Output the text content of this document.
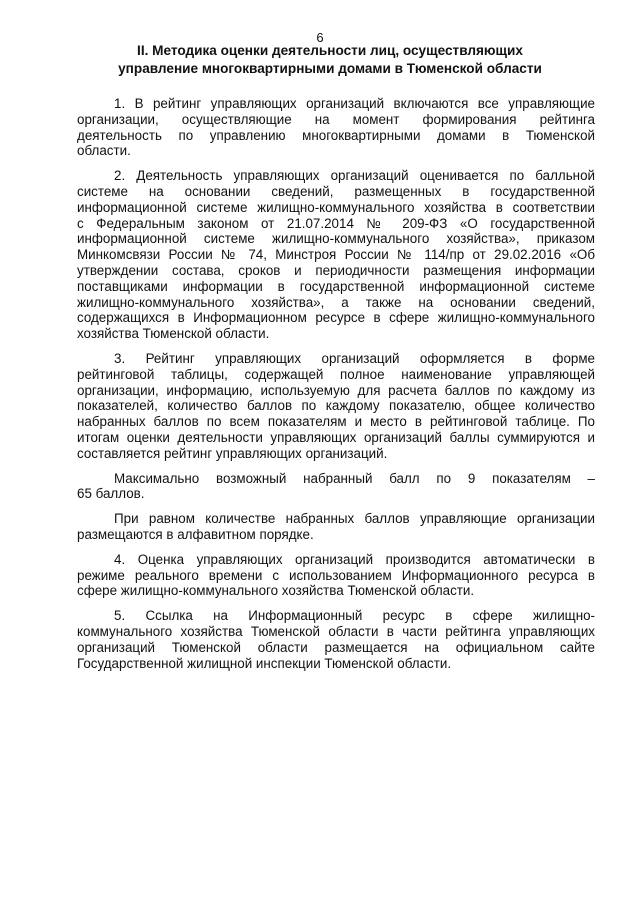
6
II. Методика оценки деятельности лиц, осуществляющих
управление многоквартирными домами в Тюменской области
1. В рейтинг управляющих организаций включаются все управляющие
организации, осуществляющие на момент формирования рейтинга
деятельность по управлению многоквартирными домами в Тюменской
области.
2. Деятельность управляющих организаций оценивается по балльной
системе на основании сведений, размещенных в государственной
информационной системе жилищно-коммунального хозяйства в соответствии
с Федеральным законом от 21.07.2014 № 209-ФЗ «О государственной
информационной системе жилищно-коммунального хозяйства», приказом
Минкомсвязи России № 74, Минстроя России № 114/пр от 29.02.2016 «Об
утверждении состава, сроков и периодичности размещения информации
поставщиками информации в государственной информационной системе
жилищно-коммунального хозяйства», а также на основании сведений,
содержащихся в Информационном ресурсе в сфере жилищно-коммунального
хозяйства Тюменской области.
3. Рейтинг управляющих организаций оформляется в форме
рейтинговой таблицы, содержащей полное наименование управляющей
организации, информацию, используемую для расчета баллов по каждому из
показателей, количество баллов по каждому показателю, общее количество
набранных баллов по всем показателям и место в рейтинговой таблице. По
итогам оценки деятельности управляющих организаций баллы суммируются и
составляется рейтинг управляющих организаций.
Максимально возможный набранный балл по 9 показателям –
65 баллов.
При равном количестве набранных баллов управляющие организации
размещаются в алфавитном порядке.
4. Оценка управляющих организаций производится автоматически в
режиме реального времени с использованием Информационного ресурса в
сфере жилищно-коммунального хозяйства Тюменской области.
5. Ссылка на Информационный ресурс в сфере жилищно-
коммунального хозяйства Тюменской области в части рейтинга управляющих
организаций Тюменской области размещается на официальном сайте
Государственной жилищной инспекции Тюменской области.
